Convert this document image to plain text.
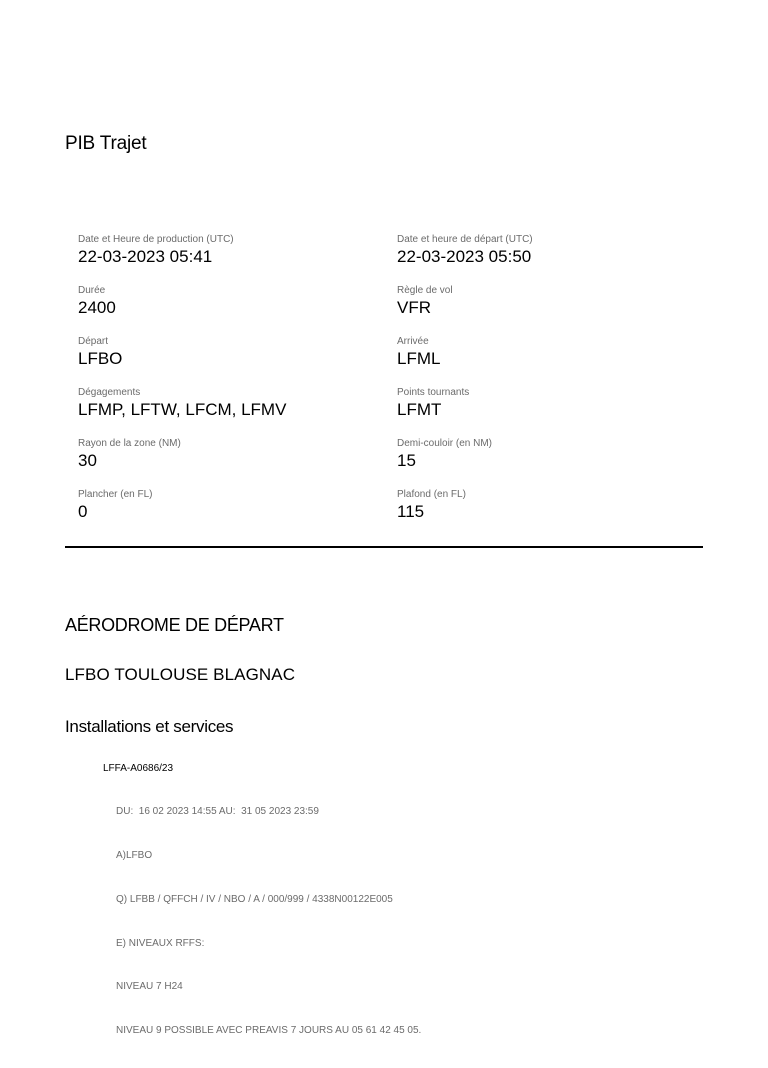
PIB Trajet
Date et Heure de production (UTC)
22-03-2023 05:41
Date et heure de départ (UTC)
22-03-2023 05:50
Durée
2400
Règle de vol
VFR
Départ
LFBO
Arrivée
LFML
Dégagements
LFMP, LFTW, LFCM, LFMV
Points tournants
LFMT
Rayon de la zone (NM)
30
Demi-couloir (en NM)
15
Plancher (en FL)
0
Plafond (en FL)
115
AÉRODROME DE DÉPART
LFBO TOULOUSE BLAGNAC
Installations et services
LFFA-A0686/23

DU:  16 02 2023 14:55 AU:  31 05 2023 23:59

A)LFBO

Q) LFBB / QFFCH / IV / NBO / A / 000/999 / 4338N00122E005

E) NIVEAUX RFFS:

NIVEAU 7 H24

NIVEAU 9 POSSIBLE AVEC PREAVIS 7 JOURS AU 05 61 42 45 05.
